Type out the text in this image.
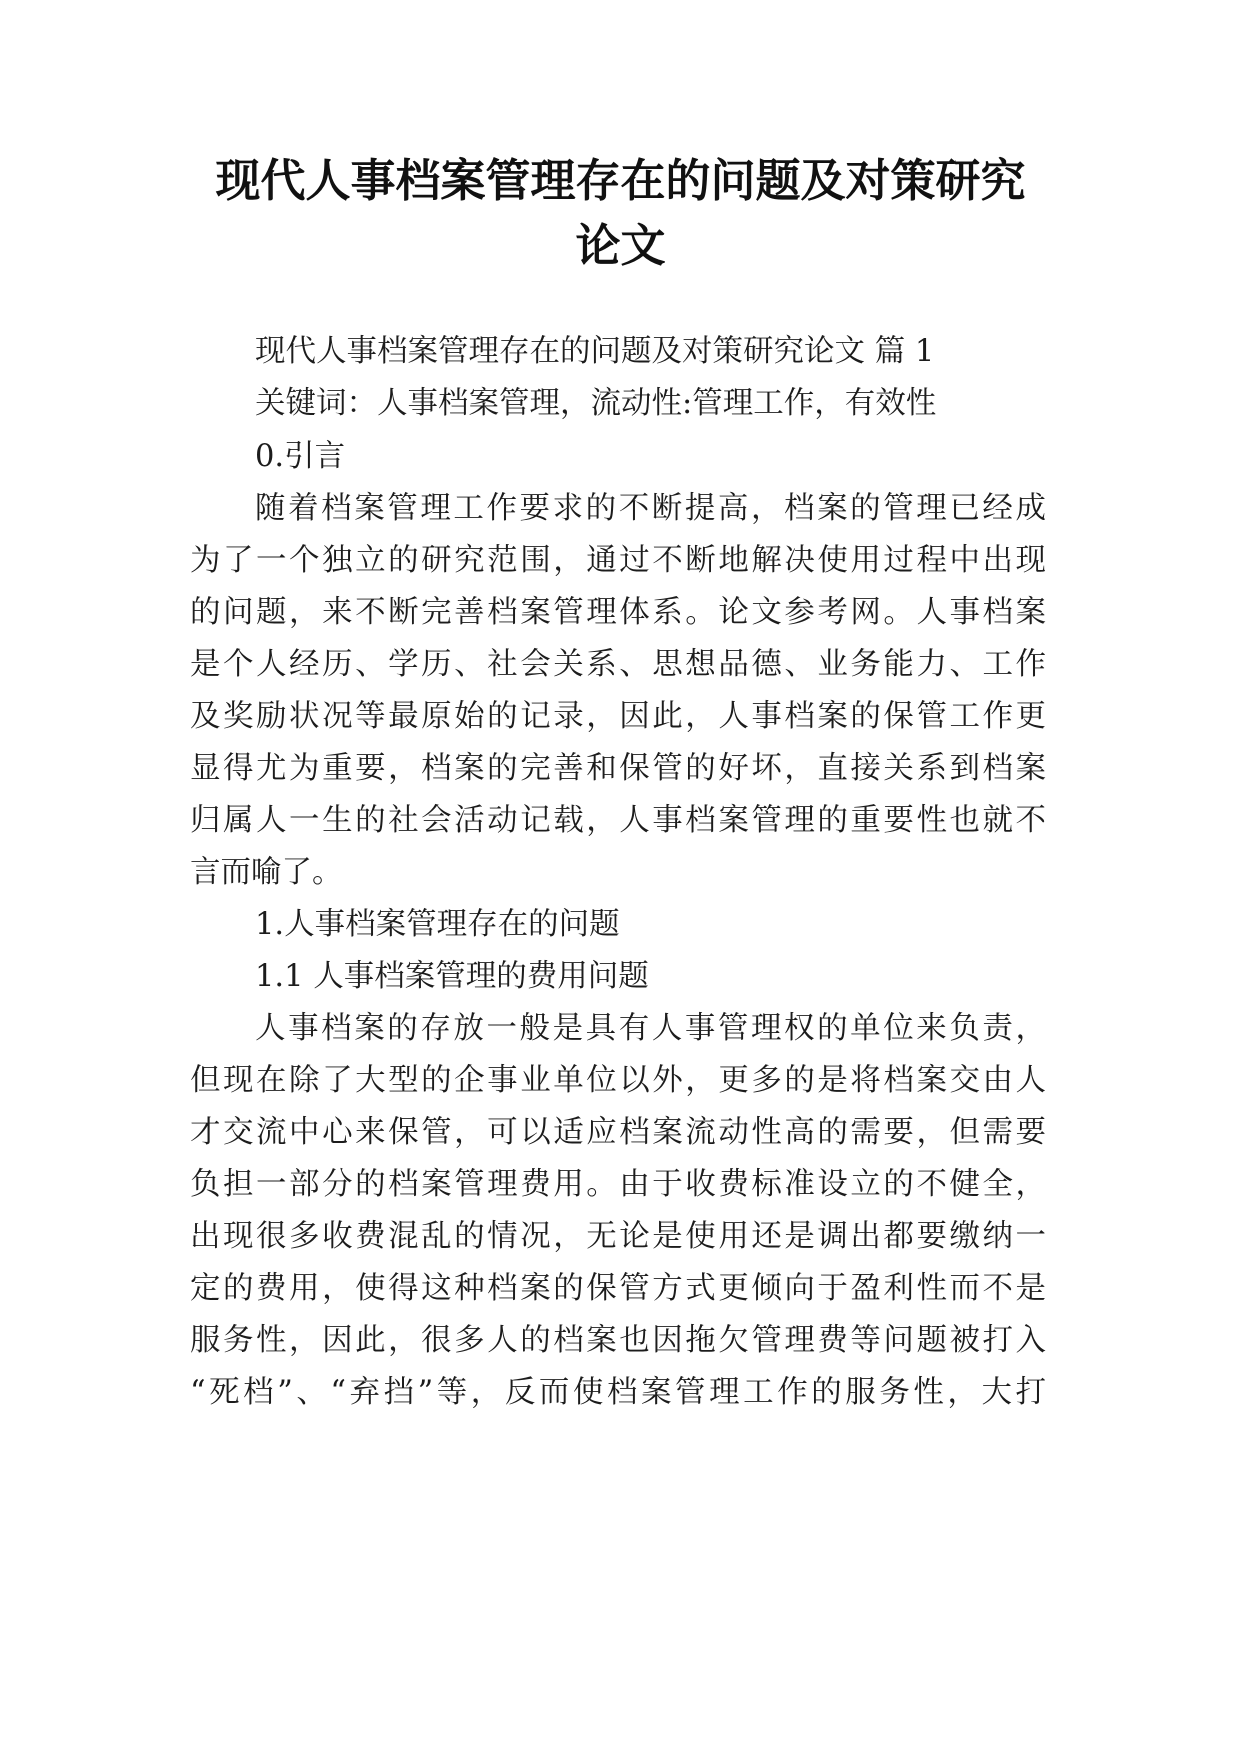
现代人事档案管理存在的问题及对策研究
论文
现代人事档案管理存在的问题及对策研究论文 篇 1
关键词：人事档案管理，流动性:管理工作，有效性
0.引言
随着档案管理工作要求的不断提高，档案的管理已经成
为了一个独立的研究范围，通过不断地解决使用过程中出现
的问题，来不断完善档案管理体系。论文参考网。人事档案
是个人经历、学历、社会关系、思想品德、业务能力、工作
及奖励状况等最原始的记录，因此，人事档案的保管工作更
显得尤为重要，档案的完善和保管的好坏，直接关系到档案
归属人一生的社会活动记载，人事档案管理的重要性也就不
言而喻了。
1.人事档案管理存在的问题
1.1 人事档案管理的费用问题
人事档案的存放一般是具有人事管理权的单位来负责，
但现在除了大型的企事业单位以外，更多的是将档案交由人
才交流中心来保管，可以适应档案流动性高的需要，但需要
负担一部分的档案管理费用。由于收费标准设立的不健全，
出现很多收费混乱的情况，无论是使用还是调出都要缴纳一
定的费用，使得这种档案的保管方式更倾向于盈利性而不是
服务性，因此，很多人的档案也因拖欠管理费等问题被打入
“死档”、“弃挡”等，反而使档案管理工作的服务性，大打
